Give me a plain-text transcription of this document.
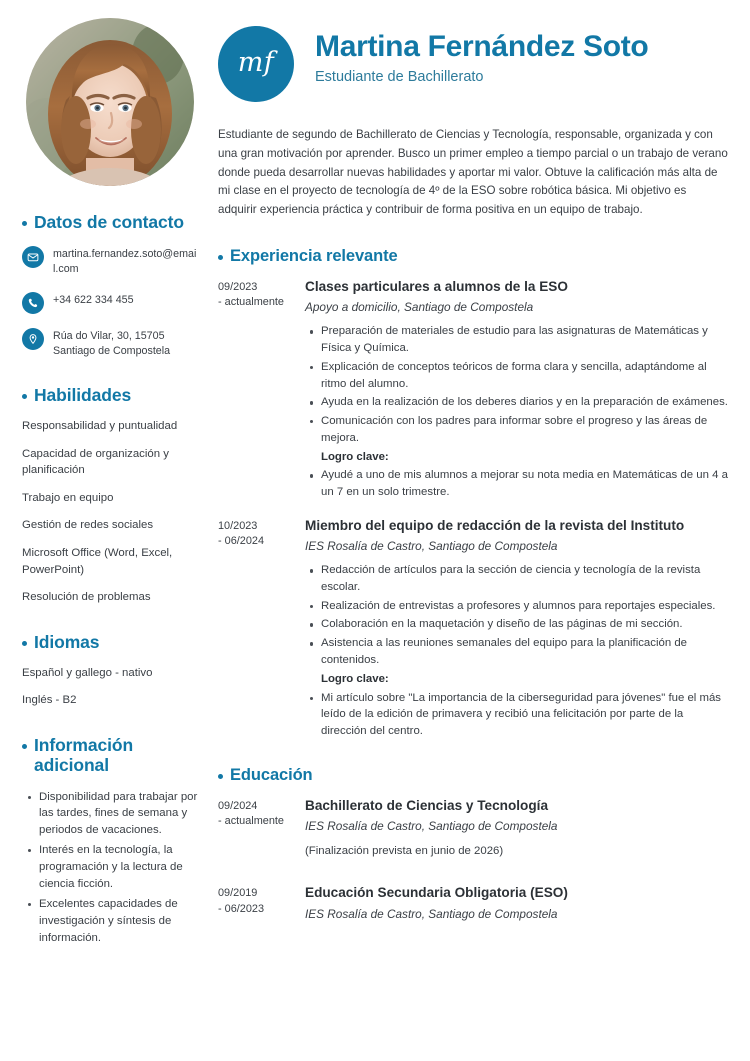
Datos de contacto
martina.fernandez.soto@email.com
+34 622 334 455
Rúa do Vilar, 30, 15705 Santiago de Compostela
Habilidades
Responsabilidad y puntualidad
Capacidad de organización y planificación
Trabajo en equipo
Gestión de redes sociales
Microsoft Office (Word, Excel, PowerPoint)
Resolución de problemas
Idiomas
Español y gallego - nativo
Inglés - B2
Información adicional
Disponibilidad para trabajar por las tardes, fines de semana y periodos de vacaciones.
Interés en la tecnología, la programación y la lectura de ciencia ficción.
Excelentes capacidades de investigación y síntesis de información.
mf Martina Fernández Soto
Estudiante de Bachillerato
Estudiante de segundo de Bachillerato de Ciencias y Tecnología, responsable, organizada y con una gran motivación por aprender. Busco un primer empleo a tiempo parcial o un trabajo de verano donde pueda desarrollar nuevas habilidades y aportar mi valor. Obtuve la calificación más alta de mi clase en el proyecto de tecnología de 4º de la ESO sobre robótica básica. Mi objetivo es adquirir experiencia práctica y contribuir de forma positiva en un equipo de trabajo.
Experiencia relevante
09/2023
- actualmente
Clases particulares a alumnos de la ESO
Apoyo a domicilio, Santiago de Compostela
Preparación de materiales de estudio para las asignaturas de Matemáticas y Física y Química.
Explicación de conceptos teóricos de forma clara y sencilla, adaptándome al ritmo del alumno.
Ayuda en la realización de los deberes diarios y en la preparación de exámenes.
Comunicación con los padres para informar sobre el progreso y las áreas de mejora.
Logro clave:
Ayudé a uno de mis alumnos a mejorar su nota media en Matemáticas de un 4 a un 7 en un solo trimestre.
10/2023
- 06/2024
Miembro del equipo de redacción de la revista del Instituto
IES Rosalía de Castro, Santiago de Compostela
Redacción de artículos para la sección de ciencia y tecnología de la revista escolar.
Realización de entrevistas a profesores y alumnos para reportajes especiales.
Colaboración en la maquetación y diseño de las páginas de mi sección.
Asistencia a las reuniones semanales del equipo para la planificación de contenidos.
Logro clave:
Mi artículo sobre "La importancia de la ciberseguridad para jóvenes" fue el más leído de la edición de primavera y recibió una felicitación por parte de la dirección del centro.
Educación
09/2024
- actualmente
Bachillerato de Ciencias y Tecnología
IES Rosalía de Castro, Santiago de Compostela
(Finalización prevista en junio de 2026)
09/2019
- 06/2023
Educación Secundaria Obligatoria (ESO)
IES Rosalía de Castro, Santiago de Compostela
